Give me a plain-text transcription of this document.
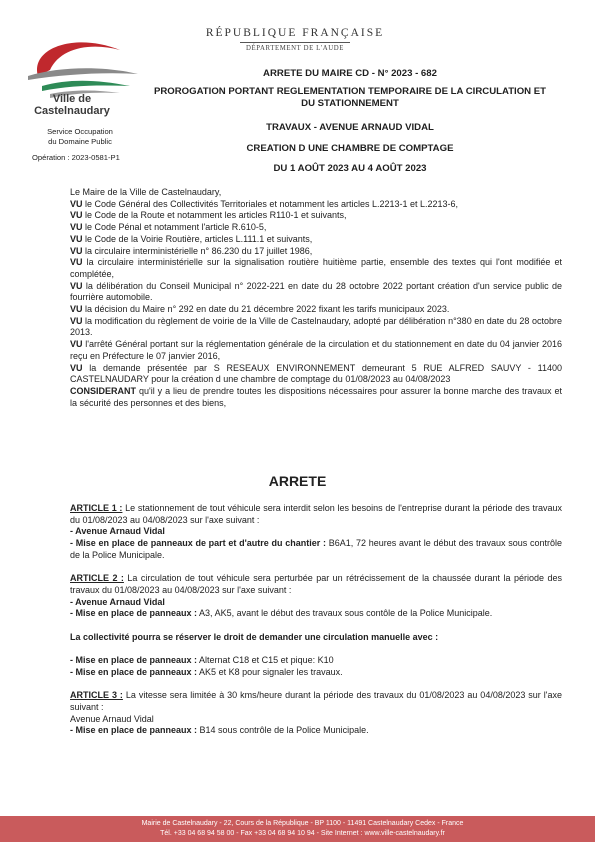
Ville de Castelnaudary
Service Occupation
du Domaine Public
Opération : 2023-0581-P1
RÉPUBLIQUE FRANÇAISE
DÉPARTEMENT DE L'AUDE
ARRETE DU MAIRE CD - N° 2023 - 682
PROROGATION PORTANT REGLEMENTATION TEMPORAIRE DE LA CIRCULATION ET
DU STATIONNEMENT
TRAVAUX - AVENUE ARNAUD VIDAL
CREATION D UNE CHAMBRE DE COMPTAGE
DU 1 AOÛT 2023 AU 4 AOÛT 2023

Le Maire de la Ville de Castelnaudary,

VU le Code Général des Collectivités Territoriales et notamment les articles L.2213-1 et L.2213-6,

VU le Code de la Route et notamment les articles R110-1 et suivants,

VU le Code Pénal et notamment l'article R.610-5,

VU le Code de la Voirie Routière, articles L.111.1 et suivants,

VU la circulaire interministérielle n° 86.230 du 17 juillet 1986,

VU la circulaire interministérielle sur la signalisation routière huitième partie, ensemble des textes qui l'ont modifiée et complétée,

VU la délibération du Conseil Municipal n° 2022-221 en date du 28 octobre 2022 portant création d'un service public de fourrière automobile.

VU la décision du Maire n° 292 en date du 21 décembre 2022 fixant les tarifs municipaux 2023.

VU la modification du règlement de voirie de la Ville de Castelnaudary, adopté par délibération n°380 en date du 28 octobre 2013.

VU l'arrêté Général portant sur la réglementation générale de la circulation et du stationnement en date du 04 janvier 2016 reçu en Préfecture le 07 janvier 2016,

VU la demande présentée par S RESEAUX ENVIRONNEMENT demeurant 5 RUE ALFRED SAUVY - 11400 CASTELNAUDARY pour la création d une chambre de comptage du 01/08/2023 au 04/08/2023

CONSIDERANT qu'il y a lieu de prendre toutes les dispositions nécessaires pour assurer la bonne marche des travaux et la sécurité des personnes et des biens,

ARRETE

ARTICLE 1 : Le stationnement de tout véhicule sera interdit selon les besoins de l'entreprise durant la période des travaux du 01/08/2023 au 04/08/2023 sur l'axe suivant :

- Avenue Arnaud Vidal

- Mise en place de panneaux de part et d'autre du chantier : B6A1, 72 heures avant le début des travaux sous contrôle de la Police Municipale.

ARTICLE 2 : La circulation de tout véhicule sera perturbée par un rétrécissement de la chaussée durant la période des travaux du 01/08/2023 au 04/08/2023 sur l'axe suivant :

- Avenue Arnaud Vidal

- Mise en place de panneaux : A3, AK5, avant le début des travaux sous contôle de la Police Municipale.

La collectivité pourra se réserver le droit de demander une circulation manuelle avec :

- Mise en place de panneaux : Alternat C18 et C15 et pique: K10

- Mise en place de panneaux : AK5 et K8 pour signaler les travaux.

ARTICLE 3 : La vitesse sera limitée à 30 kms/heure durant la période des travaux du 01/08/2023 au 04/08/2023 sur l'axe suivant :

Avenue Arnaud Vidal

- Mise en place de panneaux : B14 sous contrôle de la Police Municipale.

Mairie de Castelnaudary - 22, Cours de la République - BP 1100 - 11491 Castelnaudary Cedex - France
Tél. +33 04 68 94 58 00 - Fax +33 04 68 94 10 94 - Site Internet : www.ville-castelnaudary.fr
